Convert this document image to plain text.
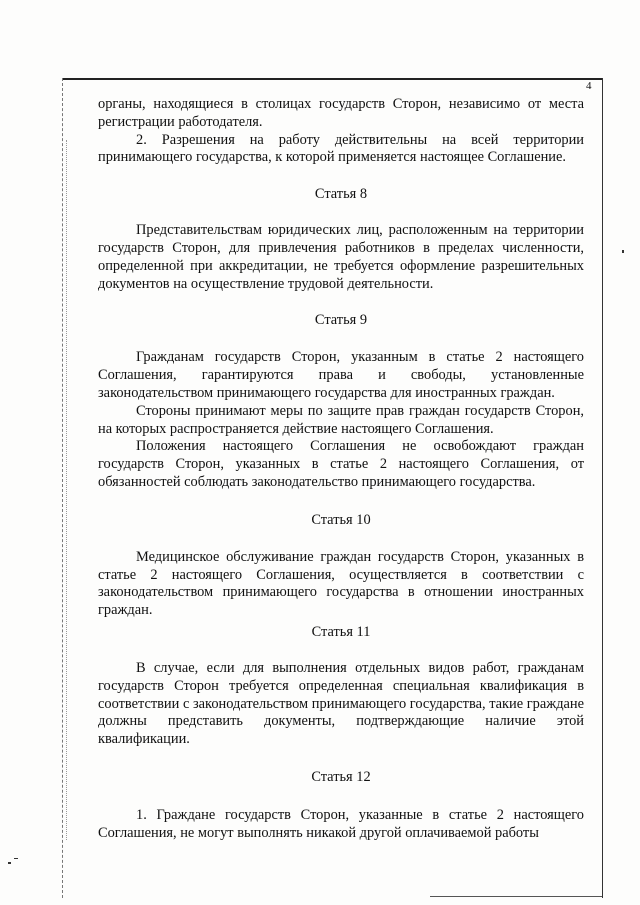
4

органы, находящиеся в столицах государств Сторон, независимо от места регистрации работодателя.

2. Разрешения на работу действительны на всей территории принимающего государства, к которой применяется настоящее Соглашение.

Статья 8

Представительствам юридических лиц, расположенным на территории государств Сторон, для привлечения работников в пределах численности, определенной при аккредитации, не требуется оформление разрешительных документов на осуществление трудовой деятельности.

Статья 9

Гражданам государств Сторон, указанным в статье 2 настоящего Соглашения, гарантируются права и свободы, установленные законодательством принимающего государства для иностранных граждан.

Стороны принимают меры по защите прав граждан государств Сторон, на которых распространяется действие настоящего Соглашения.

Положения настоящего Соглашения не освобождают граждан государств Сторон, указанных в статье 2 настоящего Соглашения, от обязанностей соблюдать законодательство принимающего государства.

Статья 10

Медицинское обслуживание граждан государств Сторон, указанных в статье 2 настоящего Соглашения, осуществляется в соответствии с законодательством принимающего государства в отношении иностранных граждан.

Статья 11

В случае, если для выполнения отдельных видов работ, гражданам государств Сторон требуется определенная специальная квалификация в соответствии с законодательством принимающего государства, такие граждане должны представить документы, подтверждающие наличие этой квалификации.

Статья 12

1. Граждане государств Сторон, указанные в статье 2 настоящего Соглашения, не могут выполнять никакой другой оплачиваемой работы
